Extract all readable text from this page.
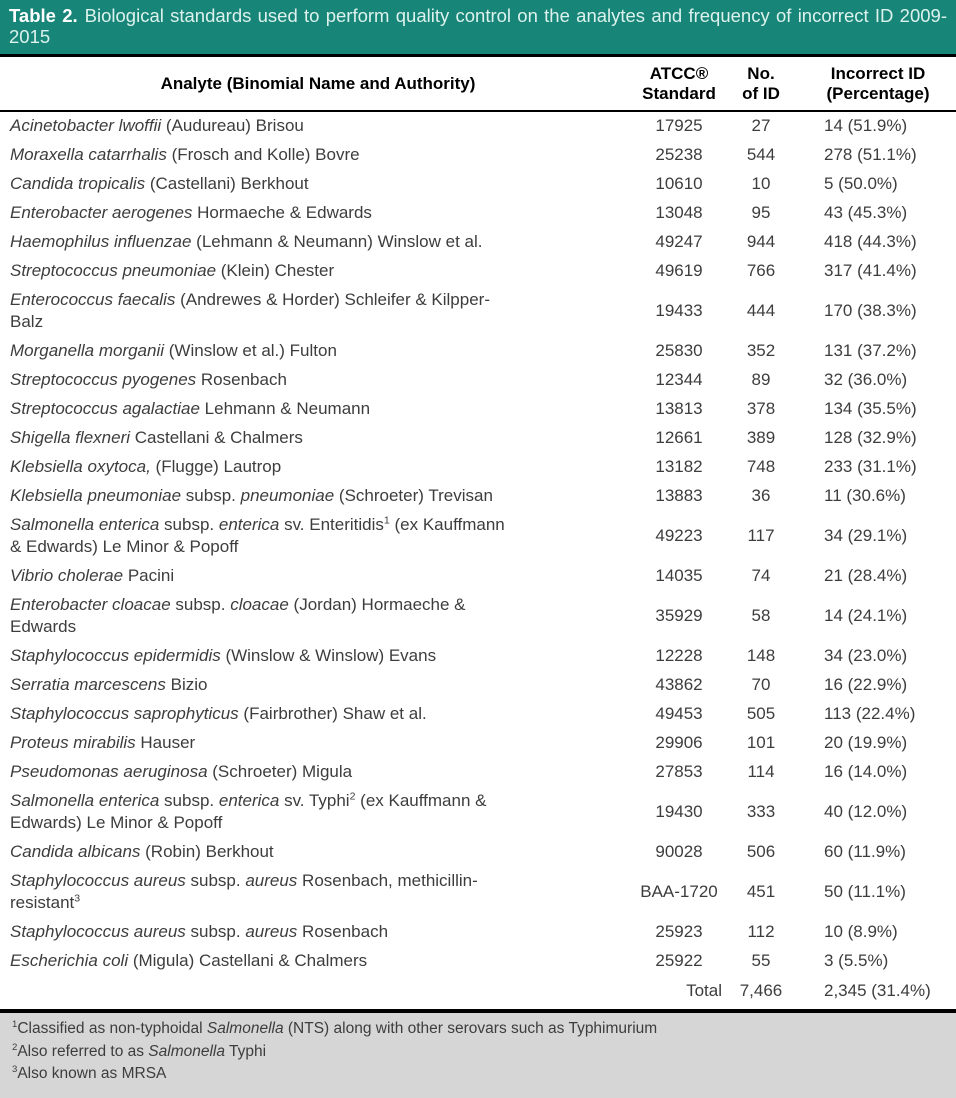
Table 2. Biological standards used to perform quality control on the analytes and frequency of incorrect ID 2009-2015
Analyte (Binomial Name and Authority)

ATCC®
Standard

No.
of ID

Incorrect ID
(Percentage)

Acinetobacter lwoffii (Audureau) Brisou	17925	27	14 (51.9%)
Moraxella catarrhalis (Frosch and Kolle) Bovre	25238	544	278 (51.1%)
Candida tropicalis (Castellani) Berkhout	10610	10	5 (50.0%)
Enterobacter aerogenes Hormaeche & Edwards	13048	95	43 (45.3%)
Haemophilus influenzae (Lehmann & Neumann) Winslow et al.	49247	944	418 (44.3%)
Streptococcus pneumoniae (Klein) Chester	49619	766	317 (41.4%)
Enterococcus faecalis (Andrewes & Horder) Schleifer & Kilpper-
Balz	19433	444	170 (38.3%)
Morganella morganii (Winslow et al.) Fulton	25830	352	131 (37.2%)
Streptococcus pyogenes Rosenbach	12344	89	32 (36.0%)
Streptococcus agalactiae Lehmann & Neumann	13813	378	134 (35.5%)
Shigella flexneri Castellani & Chalmers	12661	389	128 (32.9%)
Klebsiella oxytoca, (Flugge) Lautrop	13182	748	233 (31.1%)
Klebsiella pneumoniae subsp. pneumoniae (Schroeter) Trevisan	13883	36	11 (30.6%)
Salmonella enterica subsp. enterica sv. Enteritidis$^1$ (ex Kauffmann
& Edwards) Le Minor & Popoff	49223	117	34 (29.1%)
Vibrio cholerae Pacini	14035	74	21 (28.4%)
Enterobacter cloacae subsp. cloacae (Jordan) Hormaeche &
Edwards	35929	58	14 (24.1%)
Staphylococcus epidermidis (Winslow & Winslow) Evans	12228	148	34 (23.0%)
Serratia marcescens Bizio	43862	70	16 (22.9%)
Staphylococcus saprophyticus (Fairbrother) Shaw et al.	49453	505	113 (22.4%)
Proteus mirabilis Hauser	29906	101	20 (19.9%)
Pseudomonas aeruginosa (Schroeter) Migula	27853	114	16 (14.0%)
Salmonella enterica subsp. enterica sv. Typhi$^2$ (ex Kauffmann &
Edwards) Le Minor & Popoff	19430	333	40 (12.0%)
Candida albicans (Robin) Berkhout	90028	506	60 (11.9%)
Staphylococcus aureus subsp. aureus Rosenbach, methicillin-
resistant$^3$	BAA-1720	451	50 (11.1%)
Staphylococcus aureus subsp. aureus Rosenbach	25923	112	10 (8.9%)
Escherichia coli (Migula) Castellani & Chalmers	25922	55	3 (5.5%)
	Total	7,466	2,345 (31.4%)
$^1$Classified as non-typhoidal Salmonella (NTS) along with other serovars such as Typhimurium
$^2$Also referred to as Salmonella Typhi
$^3$Also known as MRSA
